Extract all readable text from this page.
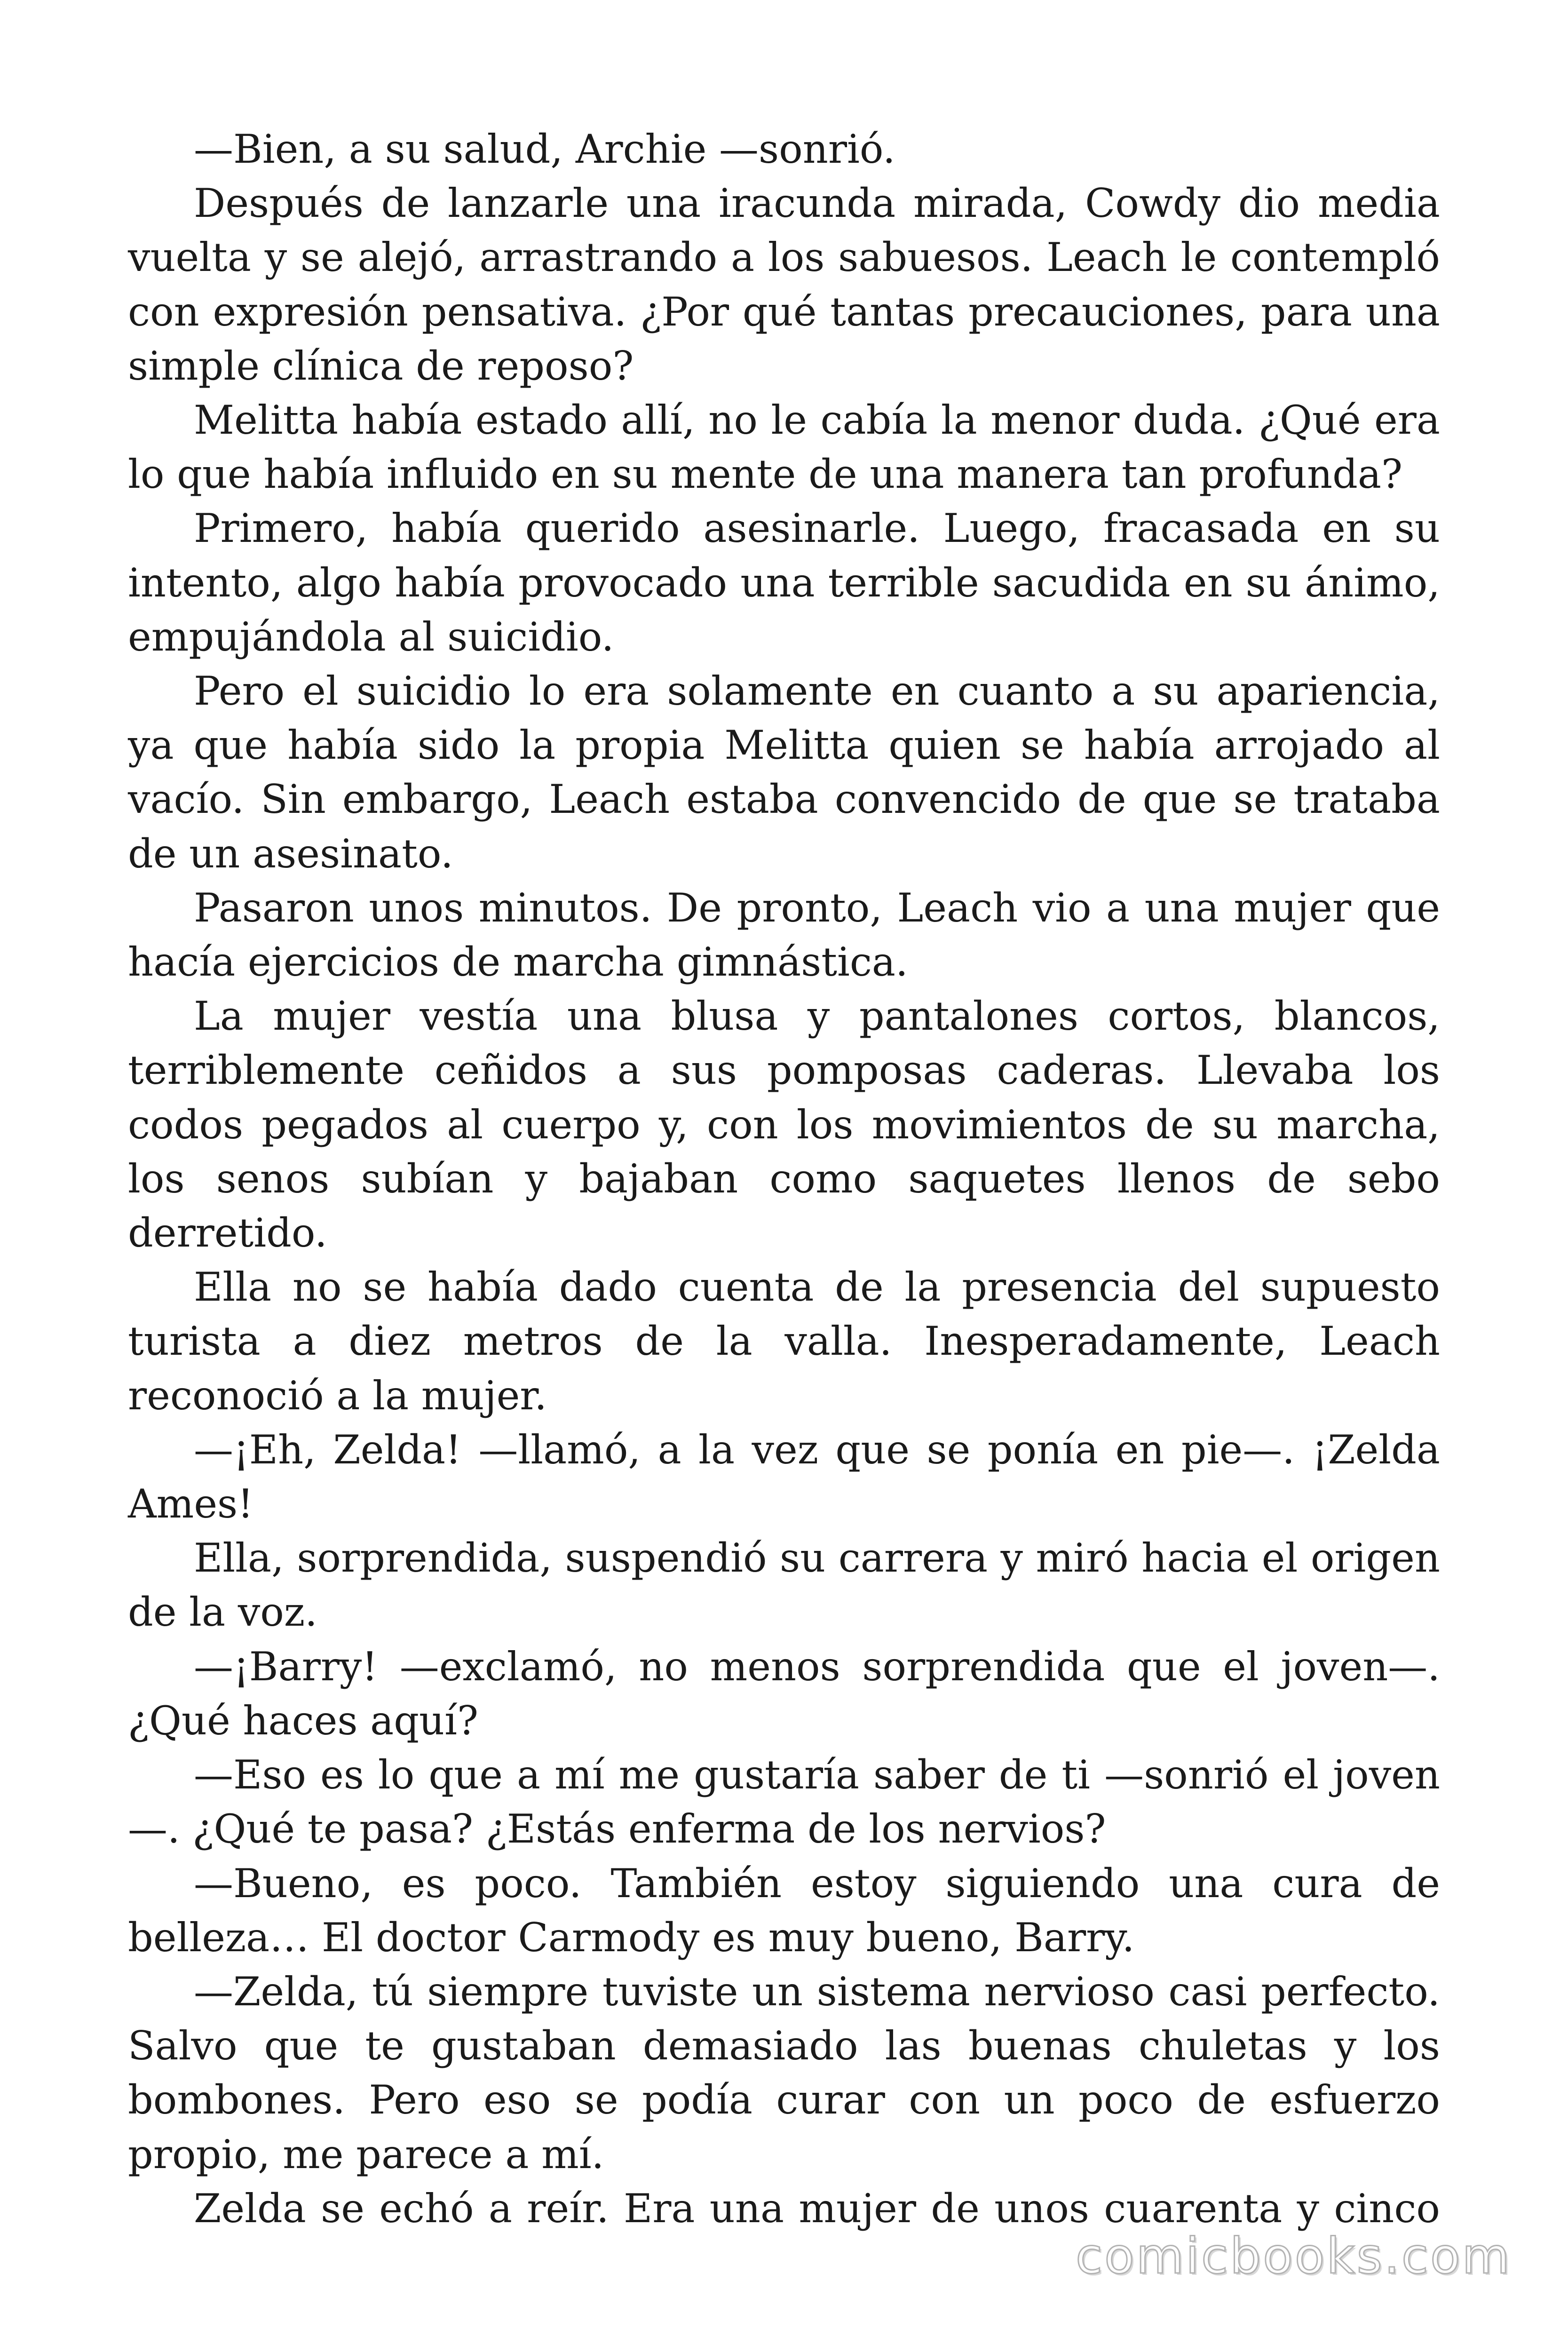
—Bien, a su salud, Archie —sonrió.

Después de lanzarle una iracunda mirada, Cowdy dio media vuelta y se alejó, arrastrando a los sabuesos. Leach le contempló con expresión pensativa. ¿Por qué tantas precauciones, para una simple clínica de reposo?

Melitta había estado allí, no le cabía la menor duda. ¿Qué era lo que había influido en su mente de una manera tan profunda?

Primero, había querido asesinarle. Luego, fracasada en su intento, algo había provocado una terrible sacudida en su ánimo, empujándola al suicidio.

Pero el suicidio lo era solamente en cuanto a su apariencia, ya que había sido la propia Melitta quien se había arrojado al vacío. Sin embargo, Leach estaba convencido de que se trataba de un asesinato.

Pasaron unos minutos. De pronto, Leach vio a una mujer que hacía ejercicios de marcha gimnástica.

La mujer vestía una blusa y pantalones cortos, blancos, terriblemente ceñidos a sus pomposas caderas. Llevaba los codos pegados al cuerpo y, con los movimientos de su marcha, los senos subían y bajaban como saquetes llenos de sebo derretido.

Ella no se había dado cuenta de la presencia del supuesto turista a diez metros de la valla. Inesperadamente, Leach reconoció a la mujer.

—¡Eh, Zelda! —llamó, a la vez que se ponía en pie—. ¡Zelda Ames!

Ella, sorprendida, suspendió su carrera y miró hacia el origen de la voz.

—¡Barry! —exclamó, no menos sorprendida que el joven—. ¿Qué haces aquí?

—Eso es lo que a mí me gustaría saber de ti —sonrió el joven—. ¿Qué te pasa? ¿Estás enferma de los nervios?

—Bueno, es poco. También estoy siguiendo una cura de belleza… El doctor Carmody es muy bueno, Barry.

—Zelda, tú siempre tuviste un sistema nervioso casi perfecto. Salvo que te gustaban demasiado las buenas chuletas y los bombones. Pero eso se podía curar con un poco de esfuerzo propio, me parece a mí.

Zelda se echó a reír. Era una mujer de unos cuarenta y cinco

comicbooks.com
